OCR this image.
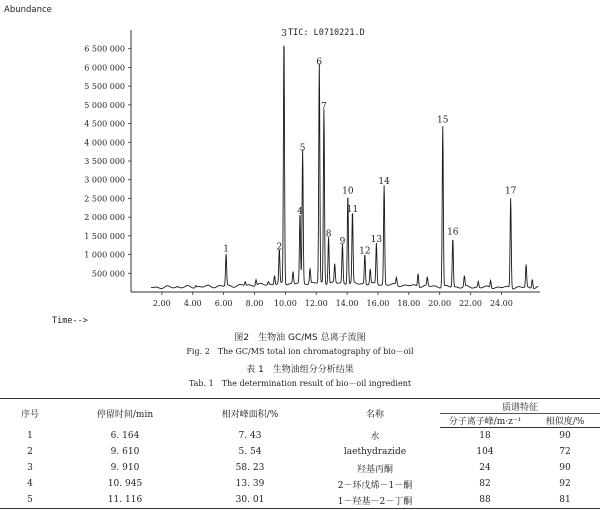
Abundance
TIC: L0710221.D
Time-->
500 000
1 000 000
1 500 000
2 000 000
2 500 000
3 000 000
3 500 000
4 000 000
4 500 000
5 000 000
5 500 000
6 000 000
6 500 000
2.00 4.00 6.00 8.00 10.00 12.00 14.00 16.00 18.00 20.00 22.00 24.00
1	2
3
4
5
6
7
8
9
10
11
12
13
14
15
16
17
图2　生物油 GC/MS 总离子流图
Fig. 2　The GC/MS total ion chromatography of bio－oil
表 1　生物油组分分析结果
Tab. 1　The determination result of bio－oil ingredient
序号	停留时间/min	相对峰面积/%	名称	质谱特征	
				分子离子峰/m·z⁻¹	相似度/%
1	6. 164	7. 43	水	18	90
2	9. 610	5. 54	laethydrazide	104	72
3	9. 910	58. 23	羟基丙酮	24	90
4	10. 945	13. 39	2－环戊烯－1－酮	82	92
5	11. 116	30. 01	1－羟基－2－丁酮	88	81
